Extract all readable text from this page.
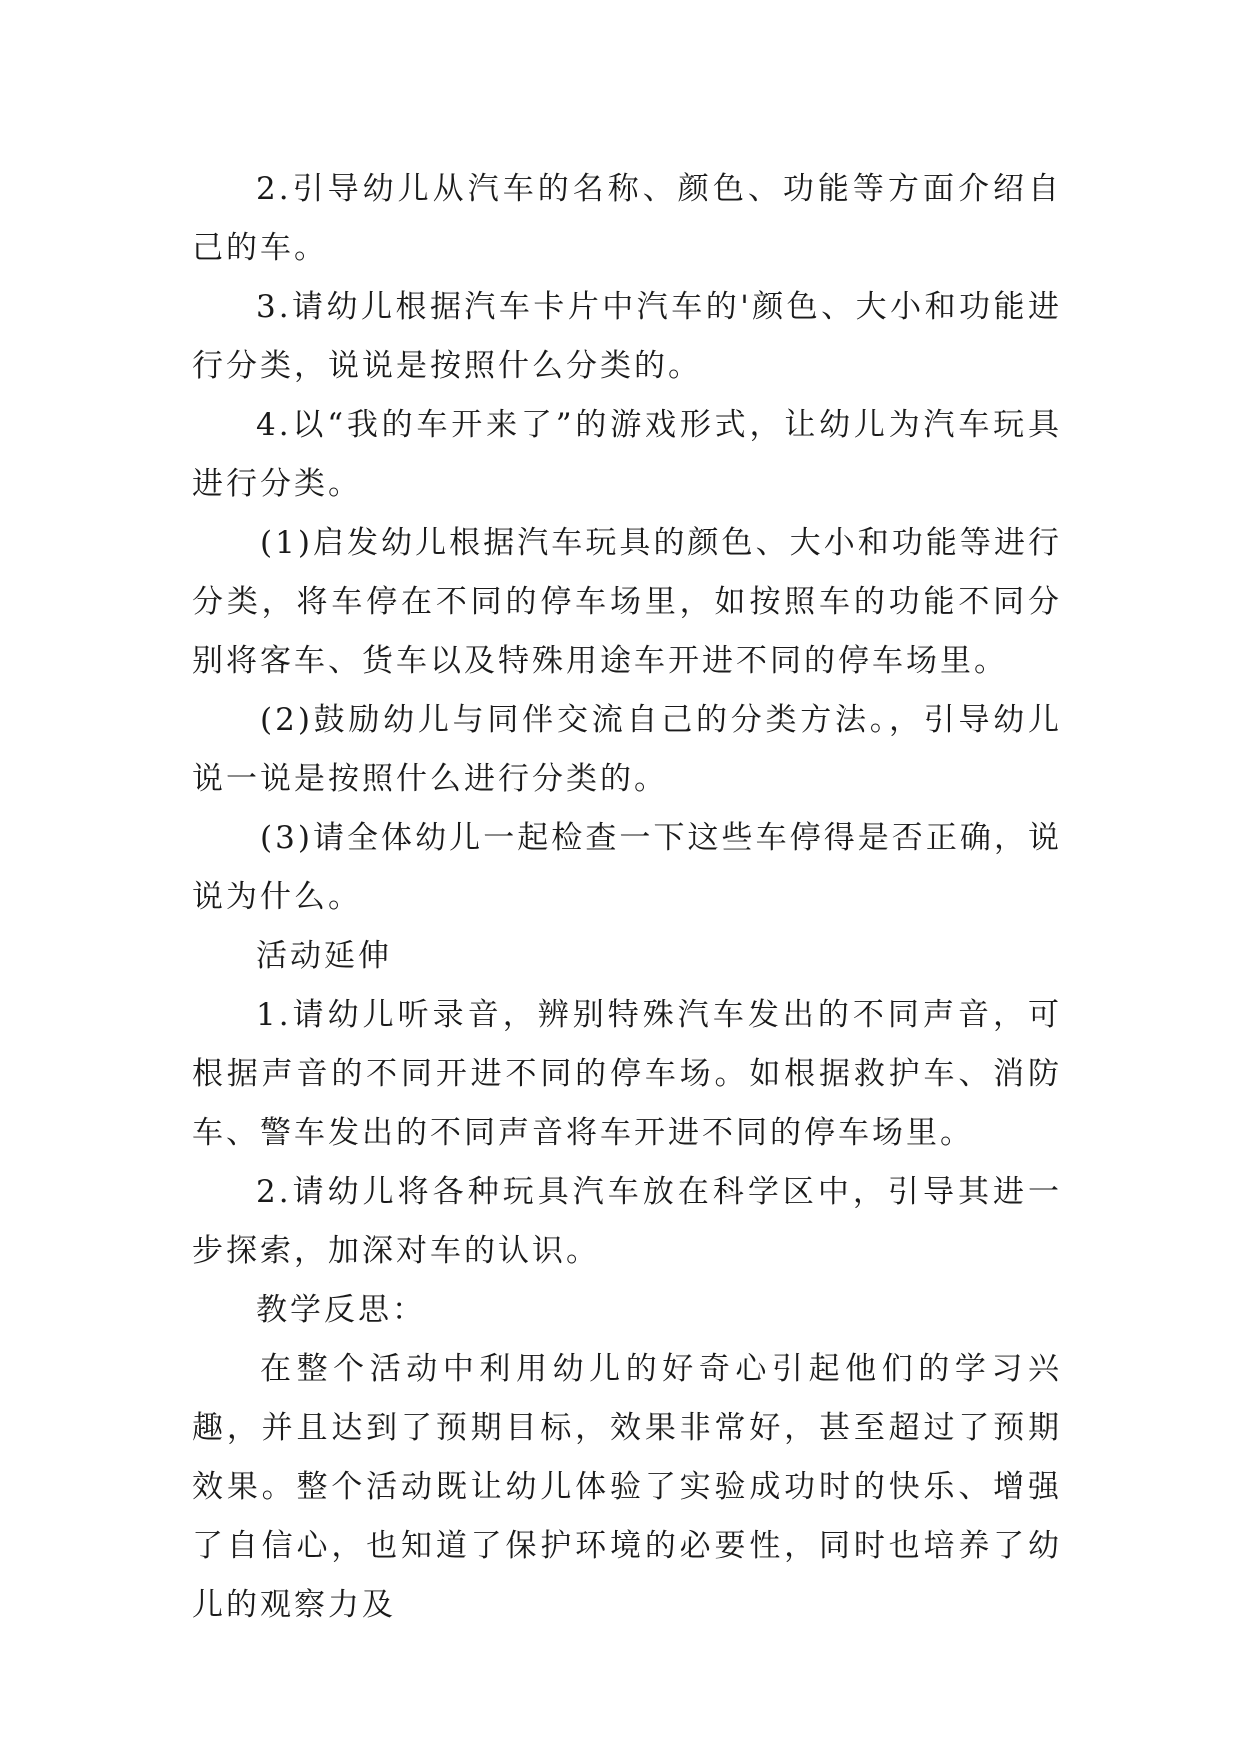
2.引导幼儿从汽车的名称、颜色、功能等方面介绍自己的车。

3.请幼儿根据汽车卡片中汽车的'颜色、大小和功能进行分类，说说是按照什么分类的。

4.以“我的车开来了”的游戏形式，让幼儿为汽车玩具进行分类。

(1)启发幼儿根据汽车玩具的颜色、大小和功能等进行分类，将车停在不同的停车场里，如按照车的功能不同分别将客车、货车以及特殊用途车开进不同的停车场里。

(2)鼓励幼儿与同伴交流自己的分类方法。，引导幼儿说一说是按照什么进行分类的。

(3)请全体幼儿一起检查一下这些车停得是否正确，说说为什么。

活动延伸

1.请幼儿听录音，辨别特殊汽车发出的不同声音，可根据声音的不同开进不同的停车场。如根据救护车、消防车、警车发出的不同声音将车开进不同的停车场里。

2.请幼儿将各种玩具汽车放在科学区中，引导其进一步探索，加深对车的认识。

教学反思：

在整个活动中利用幼儿的好奇心引起他们的学习兴趣，并且达到了预期目标，效果非常好，甚至超过了预期效果。整个活动既让幼儿体验了实验成功时的快乐、增强了自信心，也知道了保护环境的必要性，同时也培养了幼儿的观察力及
